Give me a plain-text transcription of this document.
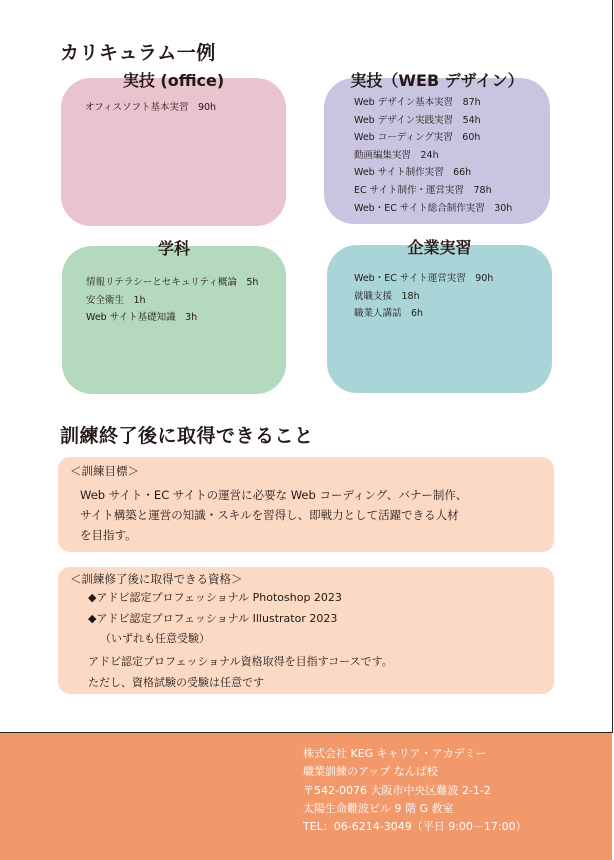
カリキュラム一例
実技 (office)
オフィスソフト基本実習　90h
実技（WEB デザイン）
Web デザイン基本実習　87h
Web デザイン実践実習　54h
Web コーディング実習　60h
動画編集実習　24h
Web サイト制作実習　66h
EC サイト制作・運営実習　78h
Web・EC サイト総合制作実習　30h
学科
情報リテラシーとセキュリティ概論　5h
安全衛生　1h
Web サイト基礎知識　3h
企業実習
Web・EC サイト運営実習　90h
就職支援　18h
職業人講話　6h
訓練終了後に取得できること
＜訓練目標＞

Web サイト・EC サイトの運営に必要な Web コーディング、バナー制作、

サイト構築と運営の知識・スキルを習得し、即戦力として活躍できる人材

を目指す。

＜訓練修了後に取得できる資格＞

◆アドビ認定プロフェッショナル Photoshop 2023

◆アドビ認定プロフェッショナル Illustrator 2023

（いずれも任意受験）

アドビ認定プロフェッショナル資格取得を目指すコースです。

ただし、資格試験の受験は任意です

株式会社 KEG キャリア・アカデミー
職業訓練のアップ なんば校
〒542-0076 大阪市中央区難波 2-1-2
太陽生命難波ビル 9 階 G 教室
TEL：06-6214-3049（平日 9:00－17:00）
